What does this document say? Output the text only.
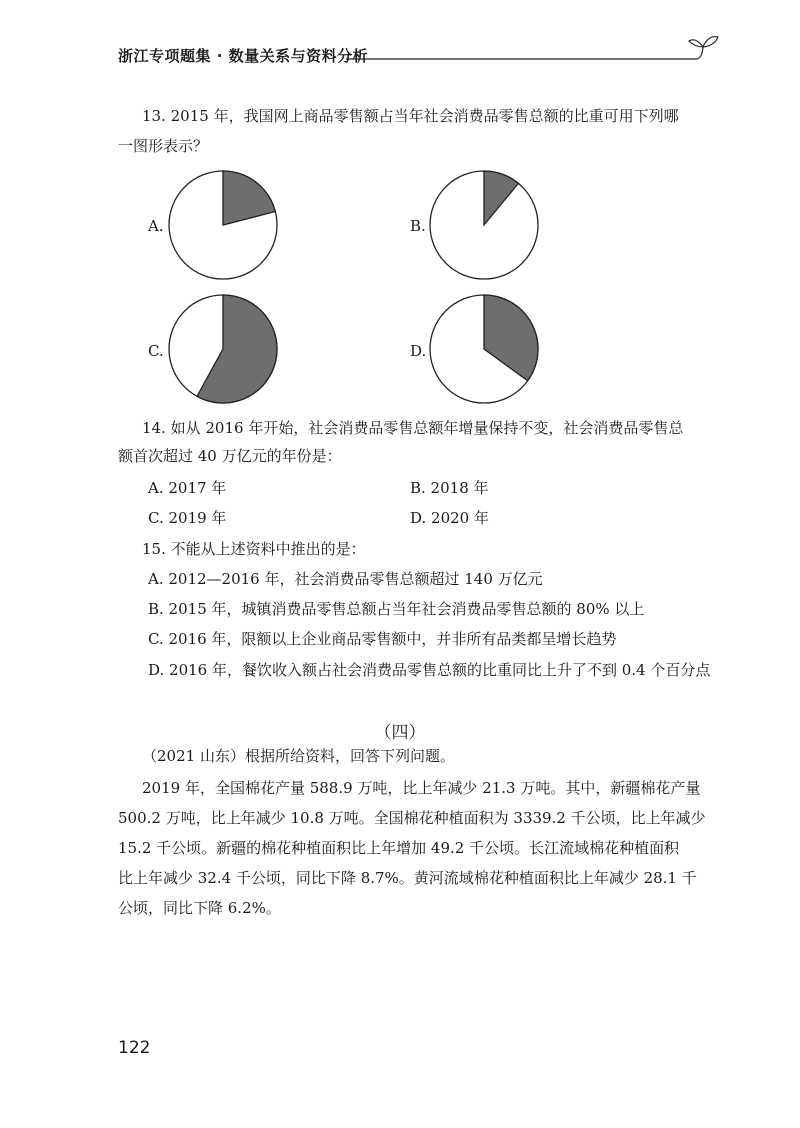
浙江专项题集 · 数量关系与资料分析
13. 2015 年，我国网上商品零售额占当年社会消费品零售总额的比重可用下列哪
一图形表示？
A.	B.
C.	D.
14. 如从 2016 年开始，社会消费品零售总额年增量保持不变，社会消费品零售总
额首次超过 40 万亿元的年份是：
A. 2017 年	B. 2018 年
C. 2019 年	D. 2020 年
15. 不能从上述资料中推出的是：
A. 2012—2016 年，社会消费品零售总额超过 140 万亿元
B. 2015 年，城镇消费品零售总额占当年社会消费品零售总额的 80% 以上
C. 2016 年，限额以上企业商品零售额中，并非所有品类都呈增长趋势
D. 2016 年，餐饮收入额占社会消费品零售总额的比重同比上升了不到 0.4 个百分点
（四）
（2021 山东）根据所给资料，回答下列问题。
2019 年，全国棉花产量 588.9 万吨，比上年减少 21.3 万吨。其中，新疆棉花产量
500.2 万吨，比上年减少 10.8 万吨。全国棉花种植面积为 3339.2 千公顷，比上年减少
15.2 千公顷。新疆的棉花种植面积比上年增加 49.2 千公顷。长江流域棉花种植面积
比上年减少 32.4 千公顷，同比下降 8.7%。黄河流域棉花种植面积比上年减少 28.1 千
公顷，同比下降 6.2%。
122
